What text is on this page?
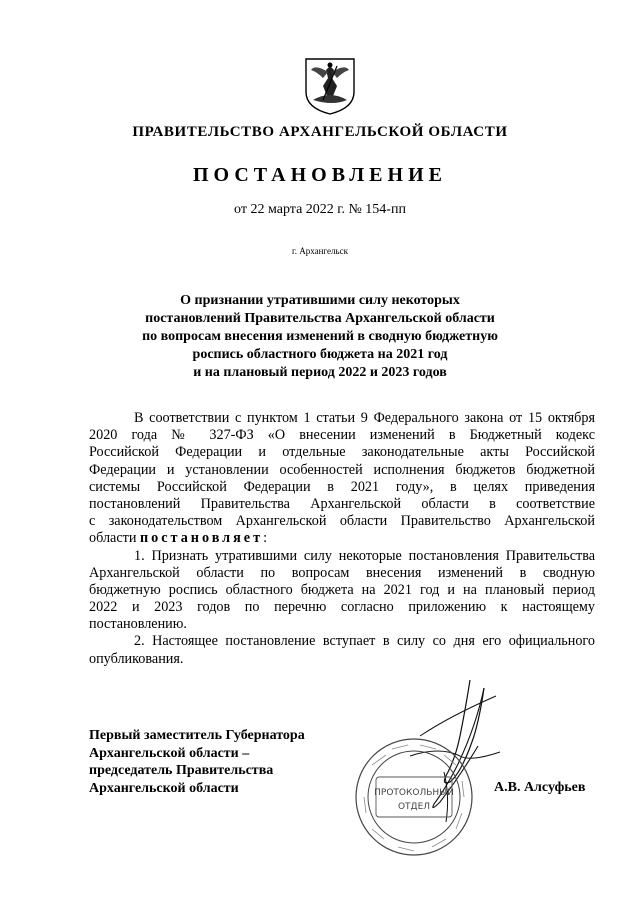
ПРАВИТЕЛЬСТВО АРХАНГЕЛЬСКОЙ ОБЛАСТИ
ПОСТАНОВЛЕНИЕ
от 22 марта 2022 г. № 154-пп
г. Архангельск
О признании утратившими силу некоторых
постановлений Правительства Архангельской области
по вопросам внесения изменений в сводную бюджетную
роспись областного бюджета на 2021 год
и на плановый период 2022 и 2023 годов
В соответствии с пунктом 1 статьи 9 Федерального закона от 15 октября
2020 года № 327-ФЗ «О внесении изменений в Бюджетный кодекс
Российской Федерации и отдельные законодательные акты Российской
Федерации и установлении особенностей исполнения бюджетов бюджетной
системы Российской Федерации в 2021 году», в целях приведения
постановлений Правительства Архангельской области в соответствие
с законодательством Архангельской области Правительство Архангельской
области постановляет:
1. Признать утратившими силу некоторые постановления Правительства
Архангельской области по вопросам внесения изменений в сводную
бюджетную роспись областного бюджета на 2021 год и на плановый период
2022 и 2023 годов по перечню согласно приложению к настоящему
постановлению.
2. Настоящее постановление вступает в силу со дня его официального
опубликования.
Первый заместитель Губернатора
Архангельской области –
председатель Правительства
Архангельской области	ПРОТОКОЛЬНЫЙ
ОТДЕЛ
А.В. Алсуфьев
